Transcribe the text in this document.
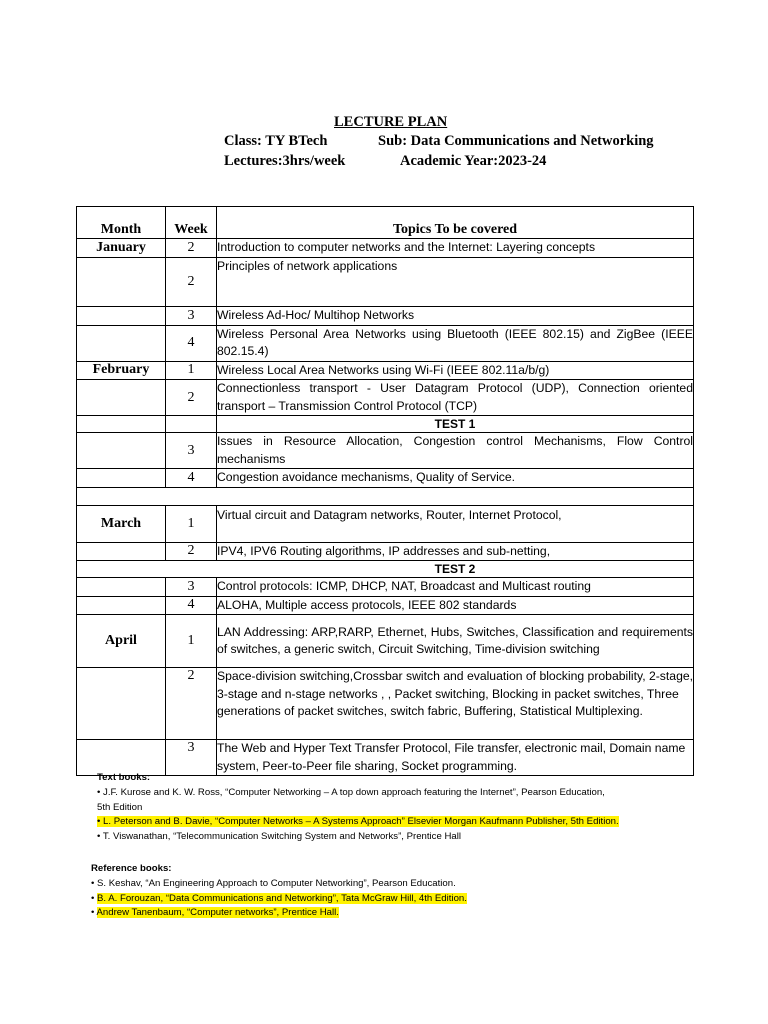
LECTURE PLAN
Class: TY BTech	Sub: Data Communications and Networking
Lectures:3hrs/week	Academic Year:2023-24
Month	Week	Topics To be covered
January	2	Introduction to computer networks and the Internet: Layering concepts
	2	Principles of network applications
	3	Wireless Ad-Hoc/ Multihop Networks
	4	Wireless Personal Area Networks using Bluetooth (IEEE 802.15) and ZigBee (IEEE 802.15.4)
February	1	Wireless Local Area Networks using Wi-Fi (IEEE 802.11a/b/g)
	2	Connectionless transport - User Datagram Protocol (UDP), Connection oriented transport – Transmission Control Protocol (TCP)
		TEST 1
	3	Issues in Resource Allocation, Congestion control Mechanisms, Flow Control mechanisms
	4	Congestion avoidance mechanisms, Quality of Service.

March	1	Virtual circuit and Datagram networks, Router, Internet Protocol,
	2	IPV4, IPV6 Routing algorithms, IP addresses and sub-netting,
TEST 2		
	3	Control protocols: ICMP, DHCP, NAT, Broadcast and Multicast routing
	4	ALOHA, Multiple access protocols, IEEE 802 standards
April	1	LAN Addressing: ARP,RARP, Ethernet, Hubs, Switches, Classification and requirements of switches, a generic switch, Circuit Switching, Time-division switching
	2	Space-division switching,Crossbar switch and evaluation of blocking probability, 2-stage, 3-stage and n-stage networks , , Packet switching, Blocking in packet switches, Three generations of packet switches, switch fabric, Buffering, Statistical Multiplexing.
	3	The Web and Hyper Text Transfer Protocol, File transfer, electronic mail, Domain name system, Peer-to-Peer file sharing, Socket programming.
Text books:
• J.F. Kurose and K. W. Ross, “Computer Networking – A top down approach featuring the Internet”, Pearson Education,
5th Edition
• L. Peterson and B. Davie, “Computer Networks – A Systems Approach” Elsevier Morgan Kaufmann Publisher, 5th Edition.
• T. Viswanathan, “Telecommunication Switching System and Networks”, Prentice Hall
Reference books:
• S. Keshav, “An Engineering Approach to Computer Networking”, Pearson Education.
• B. A. Forouzan, “Data Communications and Networking”, Tata McGraw Hill, 4th Edition.
• Andrew Tanenbaum, “Computer networks”, Prentice Hall.
